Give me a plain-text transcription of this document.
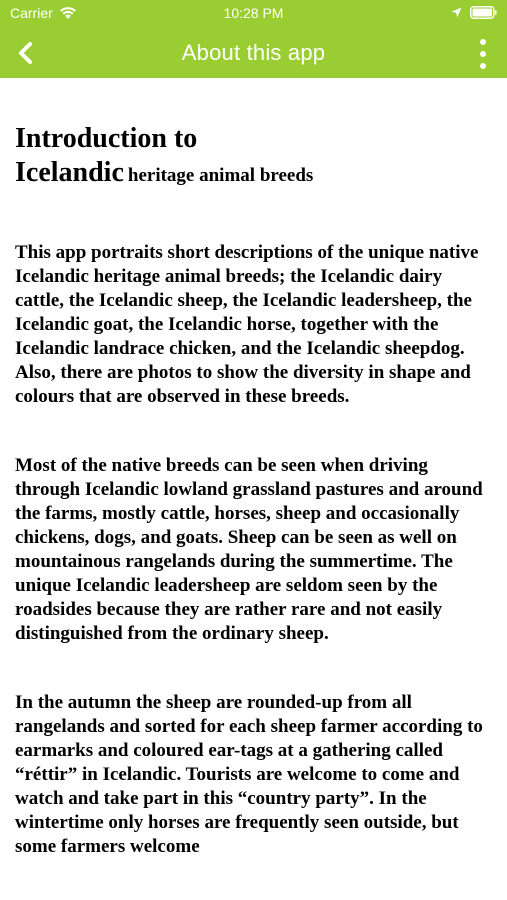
Carrier	10:28 PM
About this app
Introduction to
Icelandic heritage animal breeds

This app portraits short descriptions of the unique native Icelandic heritage animal breeds; the Icelandic dairy cattle, the Icelandic sheep, the Icelandic leadersheep, the Icelandic goat, the Icelandic horse, together with the Icelandic landrace chicken, and the Icelandic sheepdog. Also, there are photos to show the diversity in shape and colours that are observed in these breeds.

Most of the native breeds can be seen when driving through Icelandic lowland grassland pastures and around the farms, mostly cattle, horses, sheep and occasionally chickens, dogs, and goats. Sheep can be seen as well on mountainous rangelands during the summertime. The unique Icelandic leadersheep are seldom seen by the roadsides because they are rather rare and not easily distinguished from the ordinary sheep.

In the autumn the sheep are rounded-up from all rangelands and sorted for each sheep farmer according to earmarks and coloured ear-tags at a gathering called “réttir” in Icelandic. Tourists are welcome to come and watch and take part in this “country party”. In the wintertime only horses are frequently seen outside, but some farmers welcome
